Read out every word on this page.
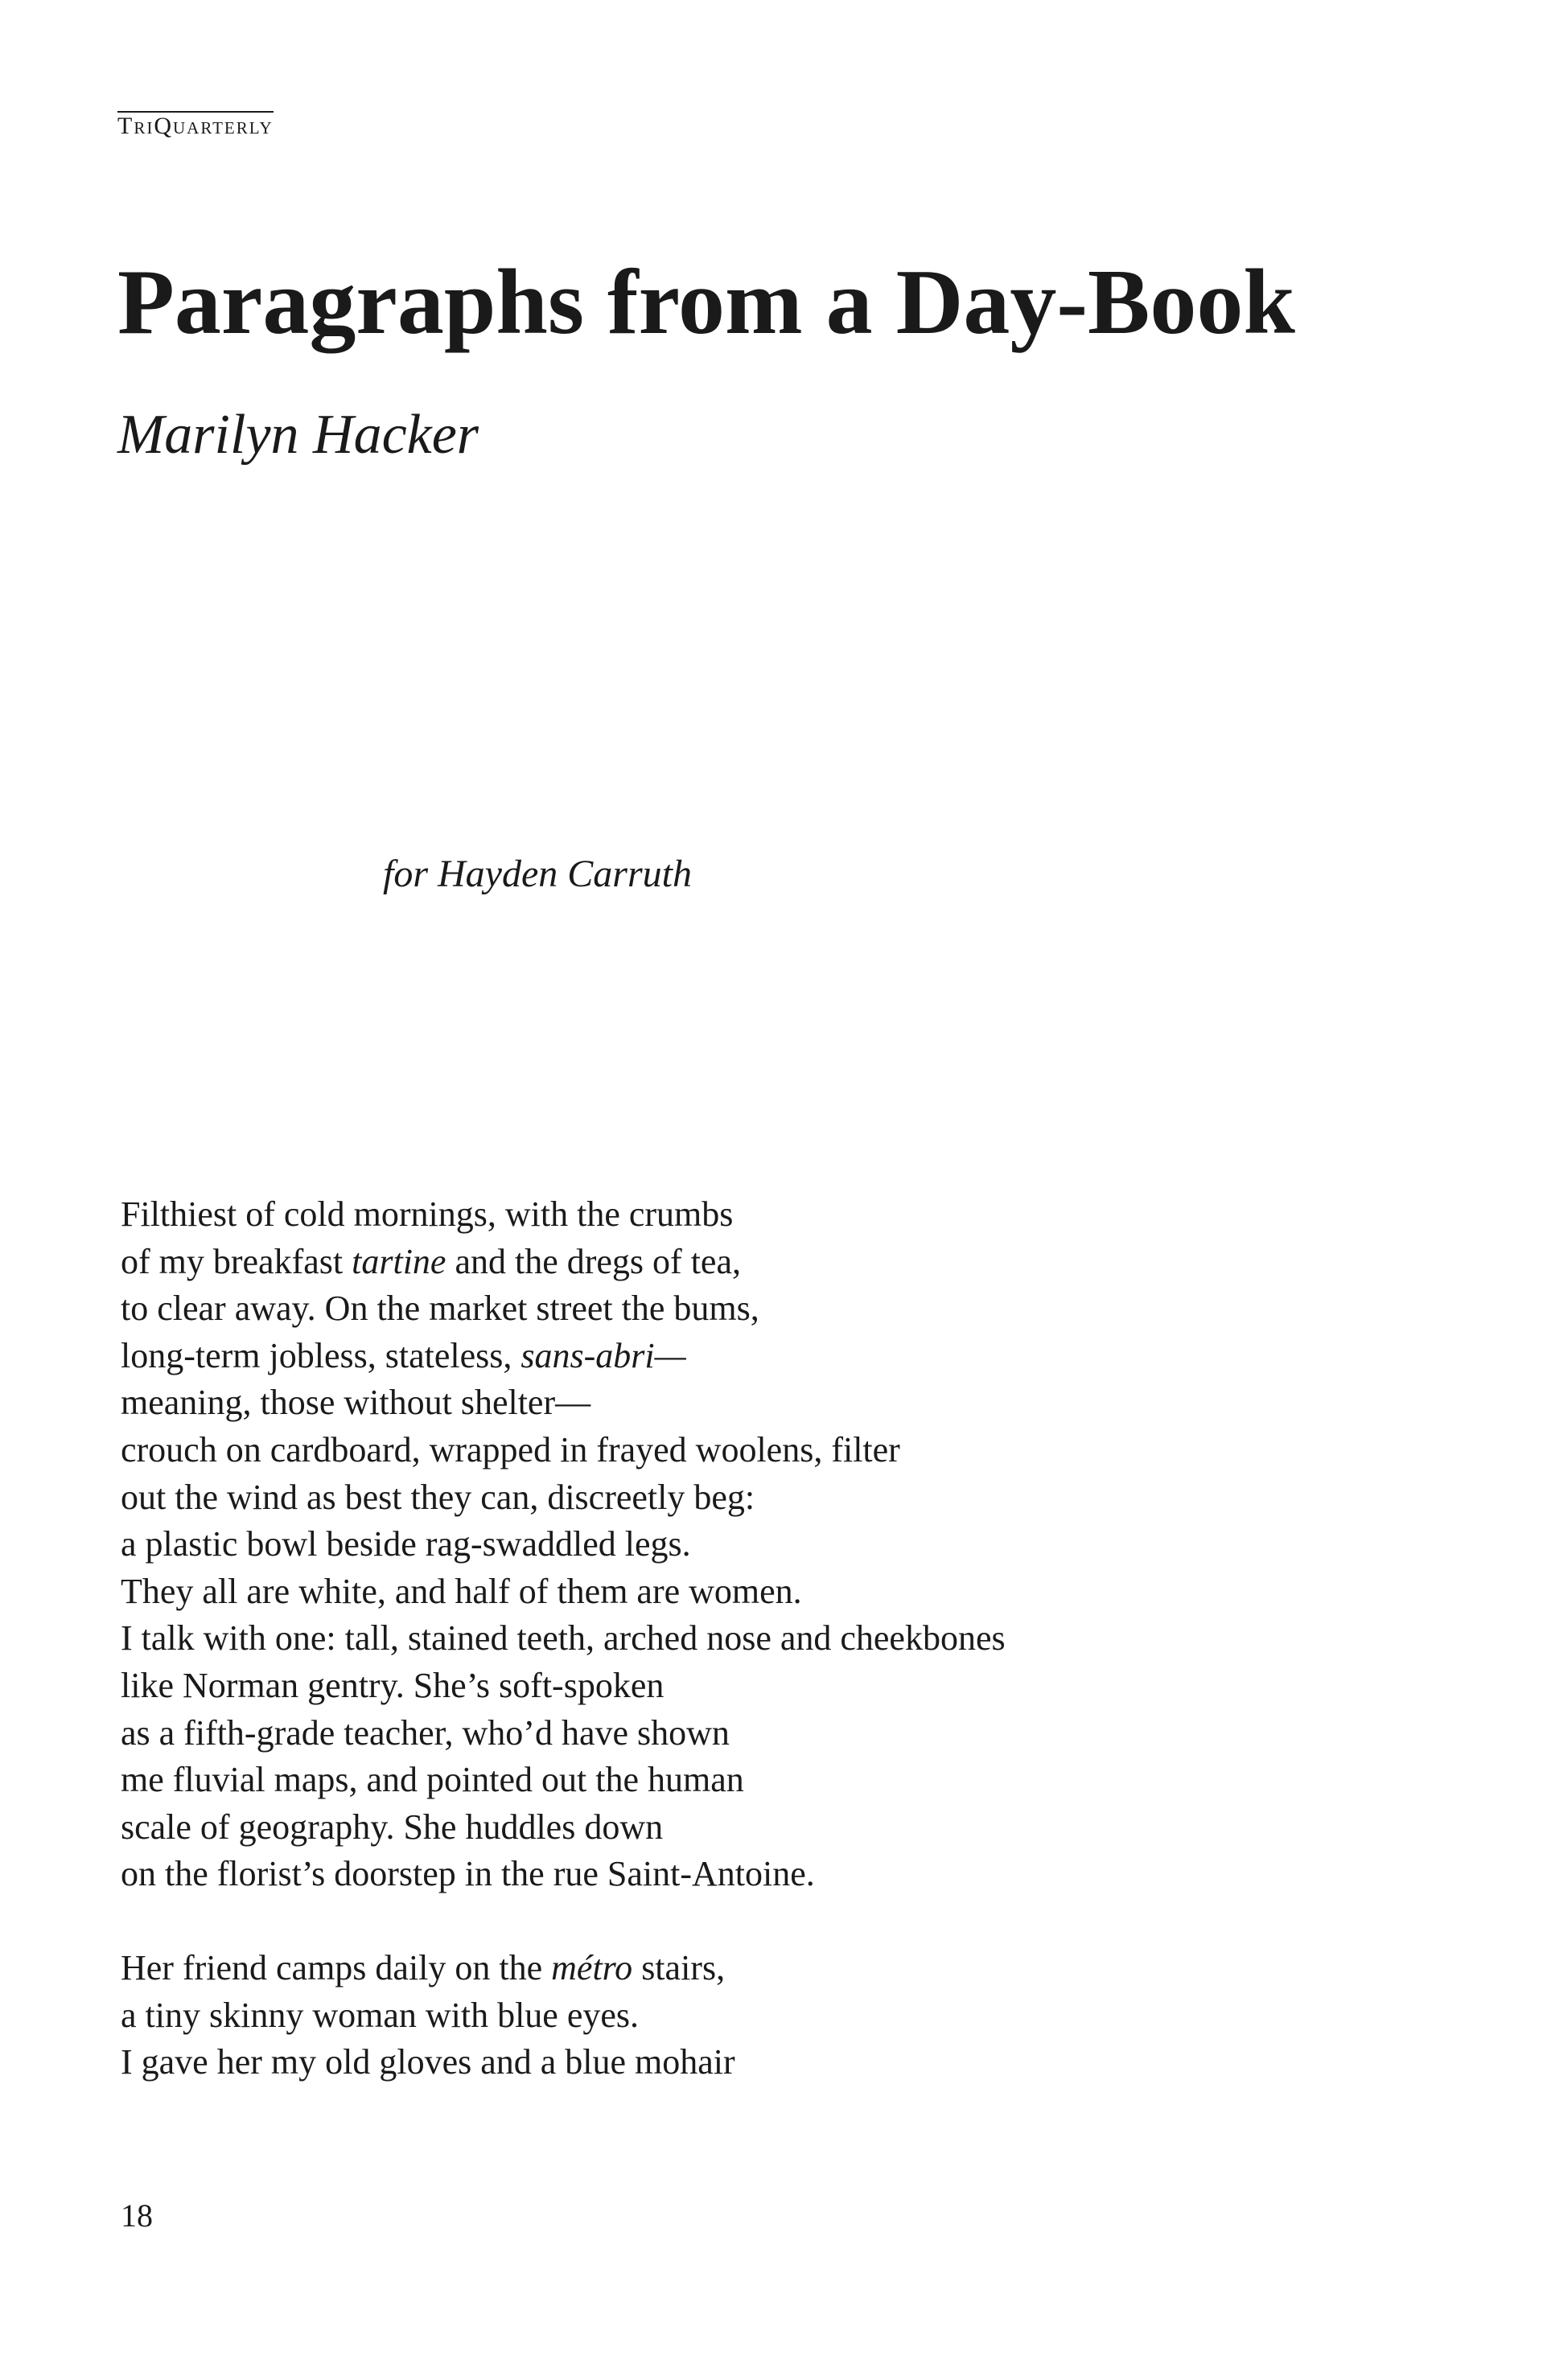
TriQuarterly
Paragraphs from a Day-Book
Marilyn Hacker
for Hayden Carruth
Filthiest of cold mornings, with the crumbs
of my breakfast tartine and the dregs of tea,
to clear away. On the market street the bums,
long-term jobless, stateless, sans-abri—
meaning, those without shelter—
crouch on cardboard, wrapped in frayed woolens, filter
out the wind as best they can, discreetly beg:
a plastic bowl beside rag-swaddled legs.
They all are white, and half of them are women.
I talk with one: tall, stained teeth, arched nose and cheekbones
like Norman gentry. She’s soft-spoken
as a fifth-grade teacher, who’d have shown
me fluvial maps, and pointed out the human
scale of geography. She huddles down
on the florist’s doorstep in the rue Saint-Antoine.
Her friend camps daily on the métro stairs,
a tiny skinny woman with blue eyes.
I gave her my old gloves and a blue mohair
18
